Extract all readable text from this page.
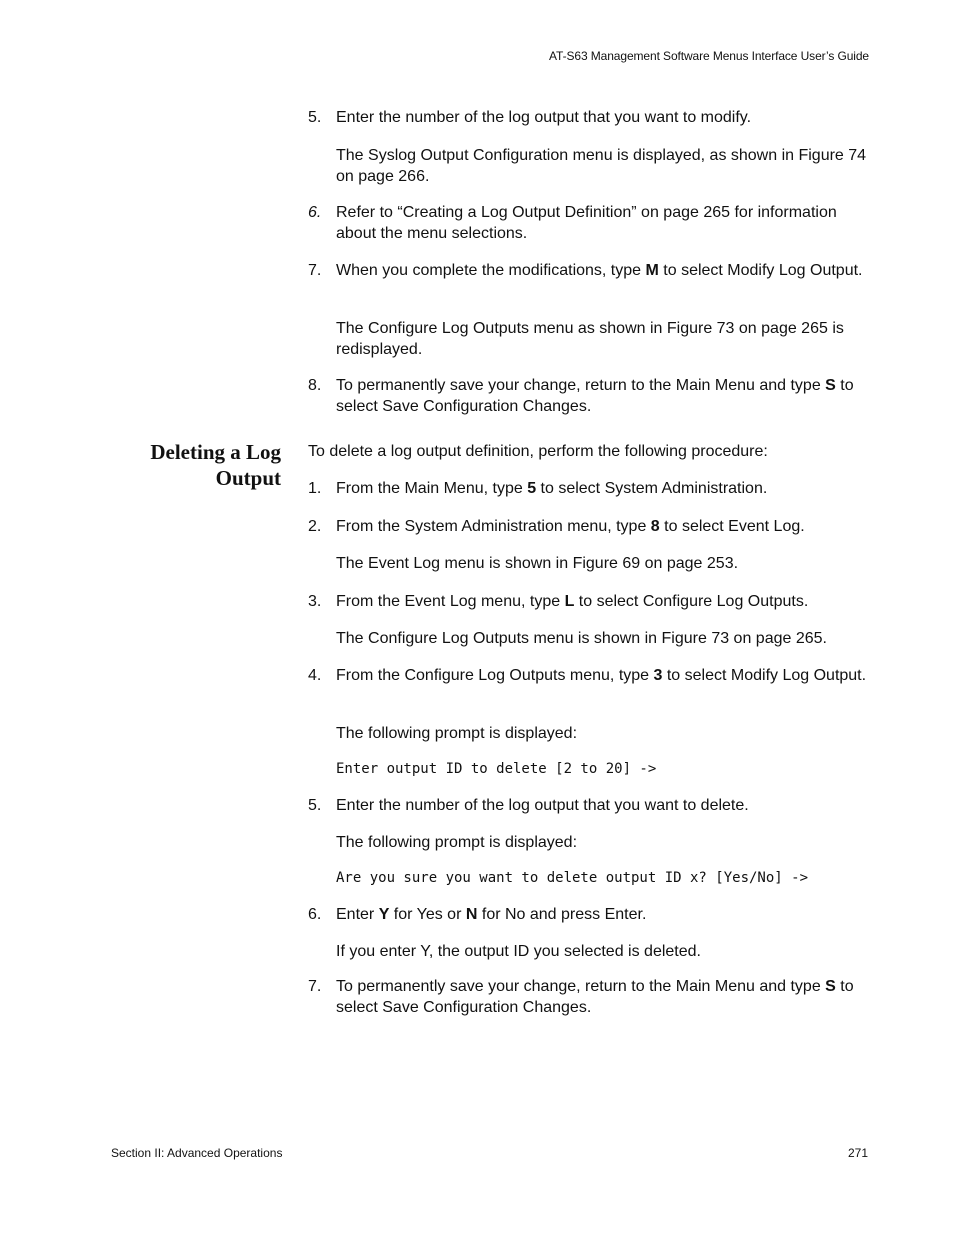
AT-S63 Management Software Menus Interface User’s Guide
5. Enter the number of the log output that you want to modify.
The Syslog Output Configuration menu is displayed, as shown in Figure 74 on page 266.
6. Refer to “Creating a Log Output Definition” on page 265 for information about the menu selections.
7. When you complete the modifications, type M to select Modify Log Output.
The Configure Log Outputs menu as shown in Figure 73 on page 265 is redisplayed.
8. To permanently save your change, return to the Main Menu and type S to select Save Configuration Changes.
Deleting a Log
Output
To delete a log output definition, perform the following procedure:
1. From the Main Menu, type 5 to select System Administration.
2. From the System Administration menu, type 8 to select Event Log.
The Event Log menu is shown in Figure 69 on page 253.
3. From the Event Log menu, type L to select Configure Log Outputs.
The Configure Log Outputs menu is shown in Figure 73 on page 265.
4. From the Configure Log Outputs menu, type 3 to select Modify Log Output.
The following prompt is displayed:
Enter output ID to delete [2 to 20] ->
5. Enter the number of the log output that you want to delete.
The following prompt is displayed:
Are you sure you want to delete output ID x? [Yes/No] ->
6. Enter Y for Yes or N for No and press Enter.
If you enter Y, the output ID you selected is deleted.
7. To permanently save your change, return to the Main Menu and type S to select Save Configuration Changes.
Section II: Advanced Operations	271
